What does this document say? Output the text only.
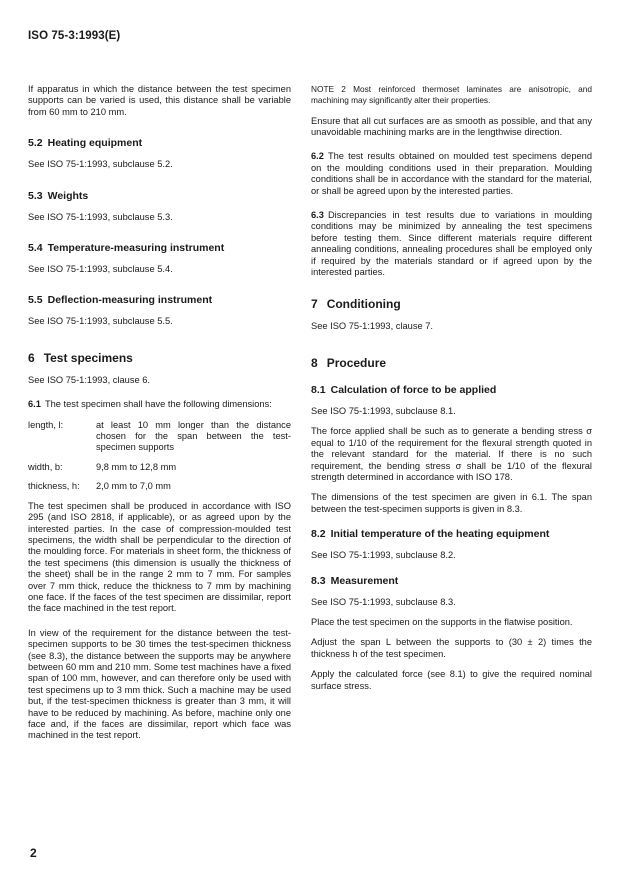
ISO 75-3:1993(E)

If apparatus in which the distance between the test specimen supports can be varied is used, this distance shall be variable from 60 mm to 210 mm.

5.2 Heating equipment

See ISO 75-1:1993, subclause 5.2.

5.3 Weights

See ISO 75-1:1993, subclause 5.3.

5.4 Temperature-measuring instrument

See ISO 75-1:1993, subclause 5.4.

5.5 Deflection-measuring instrument

See ISO 75-1:1993, subclause 5.5.

6 Test specimens

See ISO 75-1:1993, clause 6.

6.1 The test specimen shall have the following dimensions:

length, l:	at least 10 mm longer than the distance chosen for the span between the test-specimen supports
width, b:	9,8 mm to 12,8 mm
thickness, h:	2,0 mm to 7,0 mm

The test specimen shall be produced in accordance with ISO 295 (and ISO 2818, if applicable), or as agreed upon by the interested parties. In the case of compression-moulded test specimens, the width shall be perpendicular to the direction of the moulding force. For materials in sheet form, the thickness of the test specimens (this dimension is usually the thickness of the sheet) shall be in the range 2 mm to 7 mm. For samples over 7 mm thick, reduce the thickness to 7 mm by machining one face. If the faces of the test specimen are dissimilar, report the face machined in the test report.

In view of the requirement for the distance between the test-specimen supports to be 30 times the test-specimen thickness (see 8.3), the distance between the supports may be anywhere between 60 mm and 210 mm. Some test machines have a fixed span of 100 mm, however, and can therefore only be used with test specimens up to 3 mm thick. Such a machine may be used but, if the test-specimen thickness is greater than 3 mm, it will have to be reduced by machining. As before, machine only one face and, if the faces are dissimilar, report which face was machined in the test report.

NOTE 2 Most reinforced thermoset laminates are anisotropic, and machining may significantly alter their properties.

Ensure that all cut surfaces are as smooth as possible, and that any unavoidable machining marks are in the lengthwise direction.

6.2 The test results obtained on moulded test specimens depend on the moulding conditions used in their preparation. Moulding conditions shall be in accordance with the standard for the material, or shall be agreed upon by the interested parties.

6.3 Discrepancies in test results due to variations in moulding conditions may be minimized by annealing the test specimens before testing them. Since different materials require different annealing conditions, annealing procedures shall be employed only if required by the materials standard or if agreed upon by the interested parties.

7 Conditioning

See ISO 75-1:1993, clause 7.

8 Procedure
8.1 Calculation of force to be applied

See ISO 75-1:1993, subclause 8.1.

The force applied shall be such as to generate a bending stress σ equal to 1/10 of the requirement for the flexural strength quoted in the relevant standard for the material. If there is no such requirement, the bending stress σ shall be 1/10 of the flexural strength determined in accordance with ISO 178.

The dimensions of the test specimen are given in 6.1. The span between the test-specimen supports is given in 8.3.

8.2 Initial temperature of the heating equipment

See ISO 75-1:1993, subclause 8.2.

8.3 Measurement

See ISO 75-1:1993, subclause 8.3.

Place the test specimen on the supports in the flatwise position.

Adjust the span L between the supports to (30 ± 2) times the thickness h of the test specimen.

Apply the calculated force (see 8.1) to give the required nominal surface stress.

2
